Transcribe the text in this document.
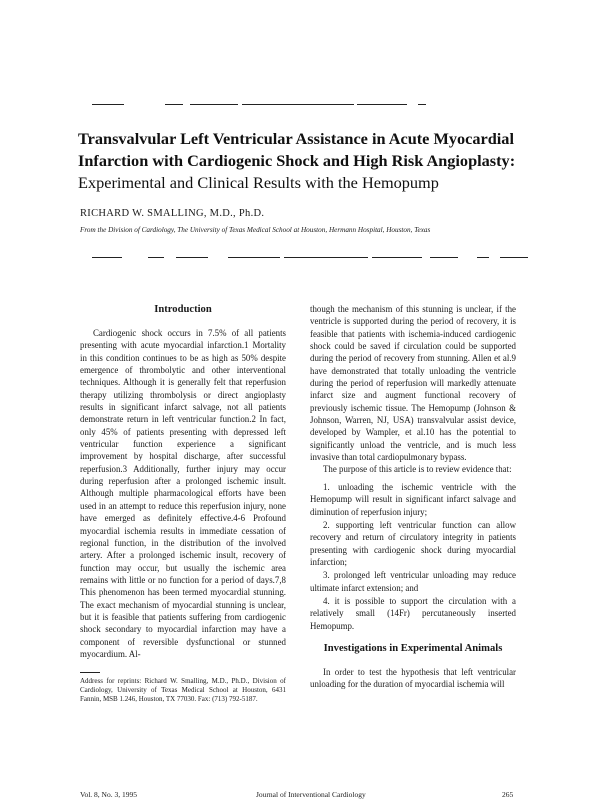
Transvalvular Left Ventricular Assistance in Acute Myocardial Infarction with Cardiogenic Shock and High Risk Angioplasty: Experimental and Clinical Results with the Hemopump
RICHARD W. SMALLING, M.D., Ph.D.
From the Division of Cardiology, The University of Texas Medical School at Houston, Hermann Hospital, Houston, Texas
Introduction

Cardiogenic shock occurs in 7.5% of all patients presenting with acute myocardial infarction.1 Mortality in this condition continues to be as high as 50% despite emergence of thrombolytic and other interventional techniques. Although it is generally felt that reperfusion therapy utilizing thrombolysis or direct angioplasty results in significant infarct salvage, not all patients demonstrate return in left ventricular function.2 In fact, only 45% of patients presenting with depressed left ventricular function experience a significant improvement by hospital discharge, after successful reperfusion.3 Additionally, further injury may occur during reperfusion after a prolonged ischemic insult. Although multiple pharmacological efforts have been used in an attempt to reduce this reperfusion injury, none have emerged as definitely effective.4-6 Profound myocardial ischemia results in immediate cessation of regional function, in the distribution of the involved artery. After a prolonged ischemic insult, recovery of function may occur, but usually the ischemic area remains with little or no function for a period of days.7,8 This phenomenon has been termed myocardial stunning. The exact mechanism of myocardial stunning is unclear, but it is feasible that patients suffering from cardiogenic shock secondary to myocardial infarction may have a component of reversible dysfunctional or stunned myocardium. Al-

Address for reprints: Richard W. Smalling, M.D., Ph.D., Division of Cardiology, University of Texas Medical School at Houston, 6431 Fannin, MSB 1.246, Houston, TX 77030. Fax: (713) 792-5187.

though the mechanism of this stunning is unclear, if the ventricle is supported during the period of recovery, it is feasible that patients with ischemia-induced cardiogenic shock could be saved if circulation could be supported during the period of recovery from stunning. Allen et al.9 have demonstrated that totally unloading the ventricle during the period of reperfusion will markedly attenuate infarct size and augment functional recovery of previously ischemic tissue. The Hemopump (Johnson & Johnson, Warren, NJ, USA) transvalvular assist device, developed by Wampler, et al.10 has the potential to significantly unload the ventricle, and is much less invasive than total cardiopulmonary bypass.

The purpose of this article is to review evidence that:

1. unloading the ischemic ventricle with the Hemopump will result in significant infarct salvage and diminution of reperfusion injury;

2. supporting left ventricular function can allow recovery and return of circulatory integrity in patients presenting with cardiogenic shock during myocardial infarction;

3. prolonged left ventricular unloading may reduce ultimate infarct extension; and

4. it is possible to support the circulation with a relatively small (14Fr) percutaneously inserted Hemopump.

Investigations in Experimental Animals

In order to test the hypothesis that left ventricular unloading for the duration of myocardial ischemia will

Vol. 8, No. 3, 1995	Journal of Interventional Cardiology	265
